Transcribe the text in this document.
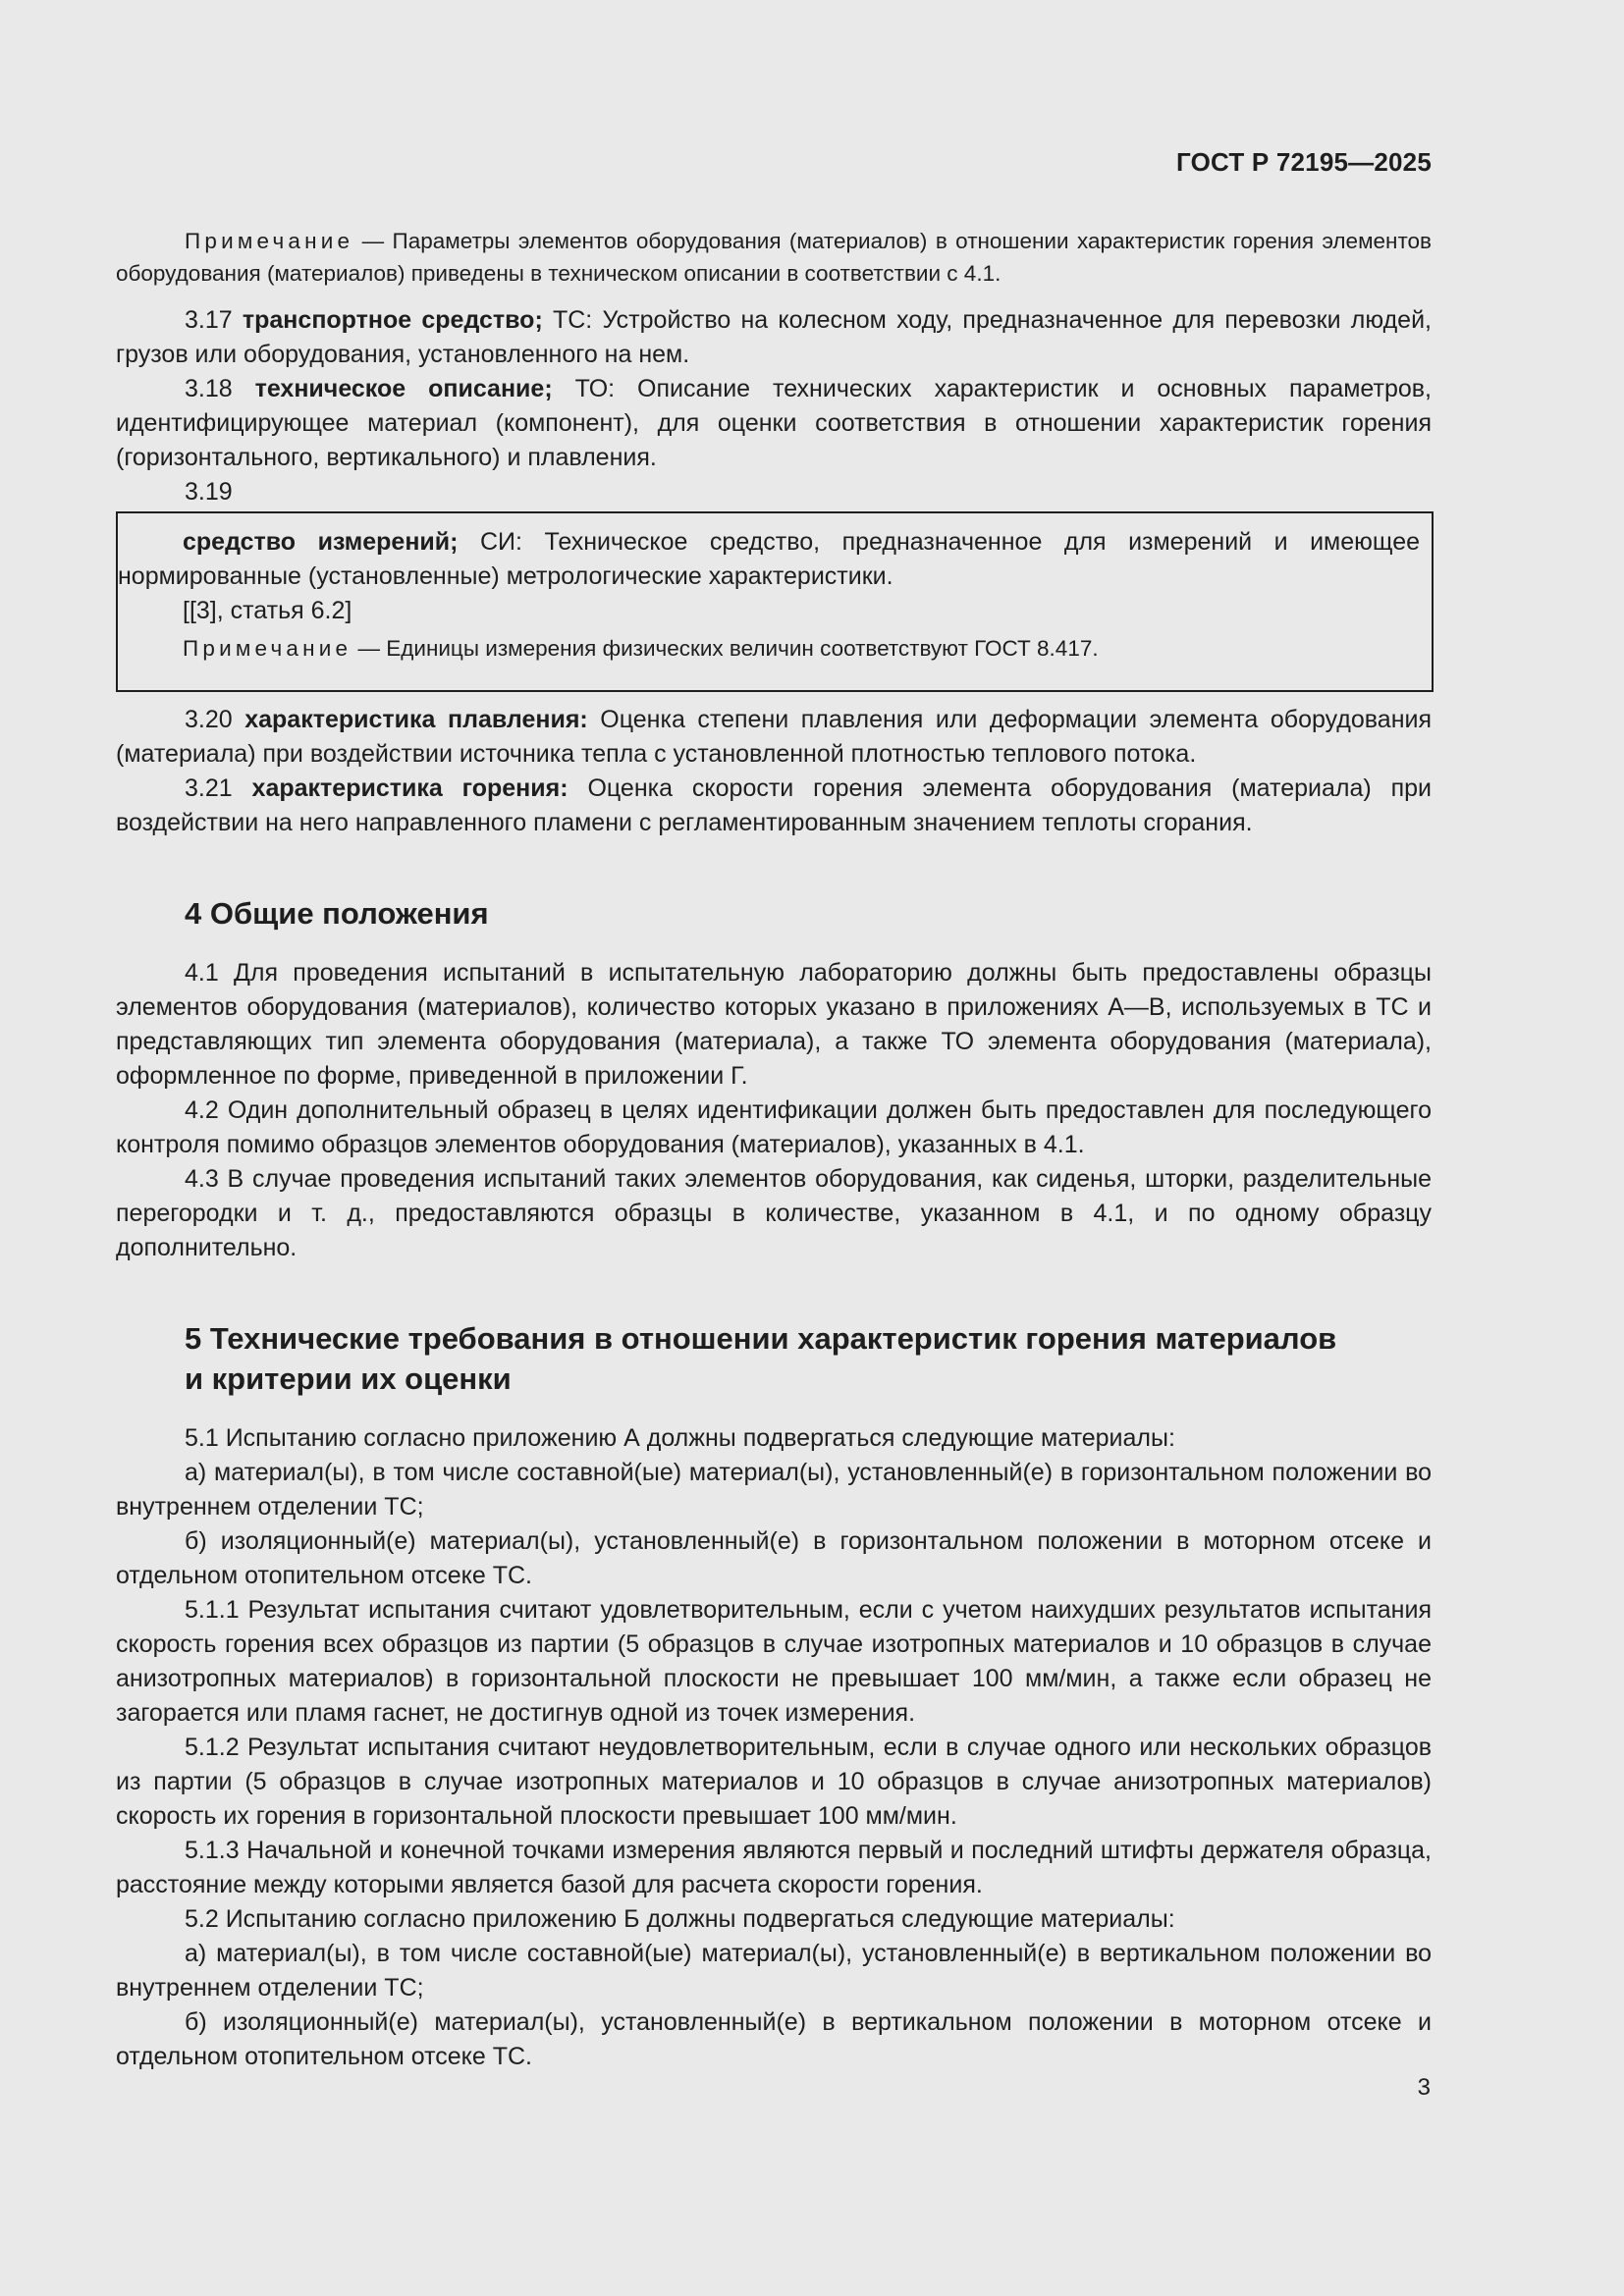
ГОСТ Р 72195—2025

Примечание — Параметры элементов оборудования (материалов) в отношении характеристик горения элементов оборудования (материалов) приведены в техническом описании в соответствии с 4.1.

3.17 транспортное средство; ТС: Устройство на колесном ходу, предназначенное для перевозки людей, грузов или оборудования, установленного на нем.

3.18 техническое описание; ТО: Описание технических характеристик и основных параметров, идентифицирующее материал (компонент), для оценки соответствия в отношении характеристик горения (горизонтального, вертикального) и плавления.

3.19

средство измерений; СИ: Техническое средство, предназначенное для измерений и имеющее нормированные (установленные) метрологические характеристики.

[[3], статья 6.2]

Примечание — Единицы измерения физических величин соответствуют ГОСТ 8.417.

3.20 характеристика плавления: Оценка степени плавления или деформации элемента оборудования (материала) при воздействии источника тепла с установленной плотностью теплового потока.

3.21 характеристика горения: Оценка скорости горения элемента оборудования (материала) при воздействии на него направленного пламени с регламентированным значением теплоты сгорания.

4 Общие положения

4.1 Для проведения испытаний в испытательную лабораторию должны быть предоставлены образцы элементов оборудования (материалов), количество которых указано в приложениях А—В, используемых в ТС и представляющих тип элемента оборудования (материала), а также ТО элемента оборудования (материала), оформленное по форме, приведенной в приложении Г.

4.2 Один дополнительный образец в целях идентификации должен быть предоставлен для последующего контроля помимо образцов элементов оборудования (материалов), указанных в 4.1.

4.3 В случае проведения испытаний таких элементов оборудования, как сиденья, шторки, разделительные перегородки и т. д., предоставляются образцы в количестве, указанном в 4.1, и по одному образцу дополнительно.

5 Технические требования в отношении характеристик горения материалов
и критерии их оценки

5.1 Испытанию согласно приложению А должны подвергаться следующие материалы:

а) материал(ы), в том числе составной(ые) материал(ы), установленный(е) в горизонтальном положении во внутреннем отделении ТС;

б) изоляционный(е) материал(ы), установленный(е) в горизонтальном положении в моторном отсеке и отдельном отопительном отсеке ТС.

5.1.1 Результат испытания считают удовлетворительным, если с учетом наихудших результатов испытания скорость горения всех образцов из партии (5 образцов в случае изотропных материалов и 10 образцов в случае анизотропных материалов) в горизонтальной плоскости не превышает 100 мм/мин, а также если образец не загорается или пламя гаснет, не достигнув одной из точек измерения.

5.1.2 Результат испытания считают неудовлетворительным, если в случае одного или нескольких образцов из партии (5 образцов в случае изотропных материалов и 10 образцов в случае анизотропных материалов) скорость их горения в горизонтальной плоскости превышает 100 мм/мин.

5.1.3 Начальной и конечной точками измерения являются первый и последний штифты держателя образца, расстояние между которыми является базой для расчета скорости горения.

5.2 Испытанию согласно приложению Б должны подвергаться следующие материалы:

а) материал(ы), в том числе составной(ые) материал(ы), установленный(е) в вертикальном положении во внутреннем отделении ТС;

б) изоляционный(е) материал(ы), установленный(е) в вертикальном положении в моторном отсеке и отдельном отопительном отсеке ТС.

3
